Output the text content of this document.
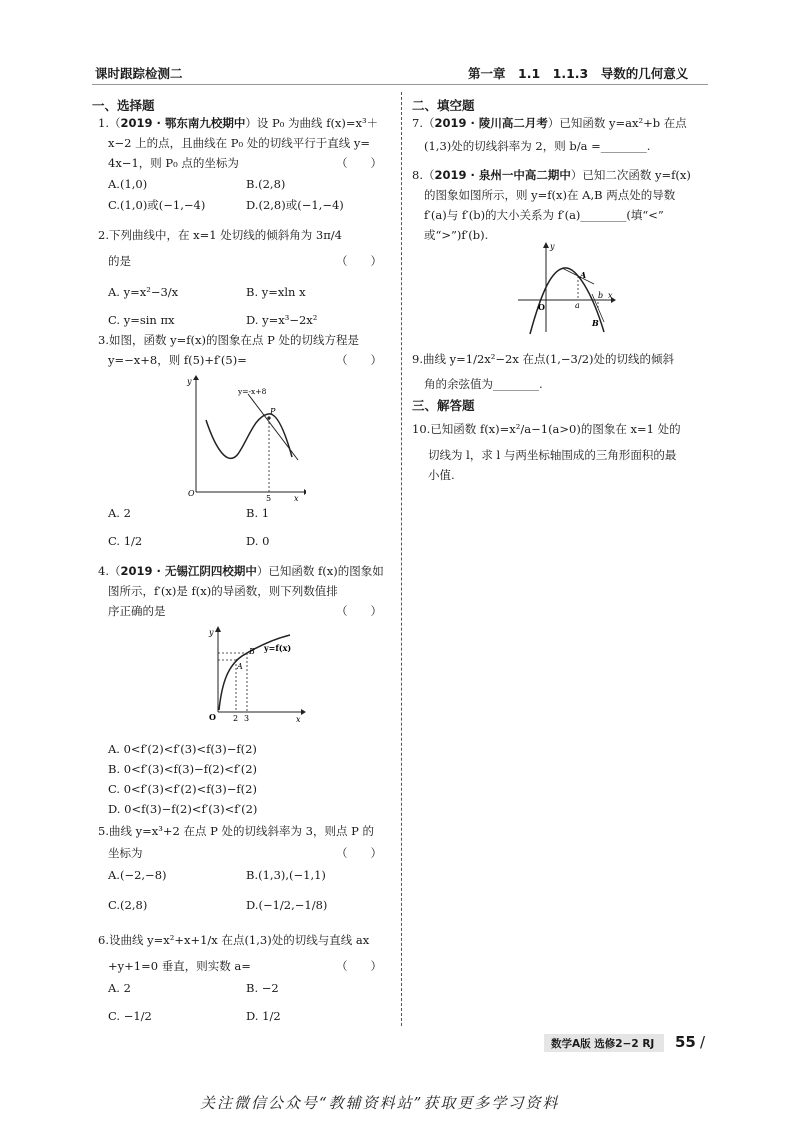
课时跟踪检测二	第一章　1.1　1.1.3　导数的几何意义
一、选择题
1.（2019 · 鄂东南九校期中）设 P₀ 为曲线 f(x)=x³＋
x−2 上的点，且曲线在 P₀ 处的切线平行于直线 y=
4x−1，则 P₀ 点的坐标为	（　　）
A.(1,0)	B.(2,8)
C.(1,0)或(−1,−4)	D.(2,8)或(−1,−4)
2.下列曲线中，在 x=1 处切线的倾斜角为 3π/4
的是	（　　）
A. y=x²−3/x	B. y=xln x
C. y=sin πx	D. y=x³−2x²
3.如图，函数 y=f(x)的图象在点 P 处的切线方程是
y=−x+8，则 f(5)+f′(5)=	（　　）
y=-x+8
P
O
5	x
y
A. 2	B. 1
C. 1/2	D. 0
4.（2019 · 无锡江阴四校期中）已知函数 f(x)的图象如
图所示，f′(x)是 f(x)的导函数，则下列数值排
序正确的是	（　　）
A
B y=f(x)
O 2 3	x
y
A. 0<f′(2)<f′(3)<f(3)−f(2)
B. 0<f′(3)<f(3)−f(2)<f′(2)
C. 0<f′(3)<f′(2)<f(3)−f(2)
D. 0<f(3)−f(2)<f′(3)<f′(2)
5.曲线 y=x³+2 在点 P 处的切线斜率为 3，则点 P 的
坐标为	（　　）
A.(−2,−8)	B.(1,3),(−1,1)
C.(2,8)	D.(−1/2,−1/8)
6.设曲线 y=x²+x+1/x 在点(1,3)处的切线与直线 ax
+y+1=0 垂直，则实数 a=	（　　）
A. 2	B. −2
C. −1/2	D. 1/2
二、填空题
7.（2019 · 陵川高二月考）已知函数 y=ax²+b 在点
(1,3)处的切线斜率为 2，则 b/a =________.
8.（2019 · 泉州一中高二期中）已知二次函数 y=f(x)
的图象如图所示，则 y=f(x)在 A,B 两点处的导数
f′(a)与 f′(b)的大小关系为 f′(a)________(填“<”
或“>”)f′(b).
y
x
O
A
a
b
B
9.曲线 y=1/2x²−2x 在点(1,−3/2)处的切线的倾斜
角的余弦值为________.
三、解答题
10.已知函数 f(x)=x²/a−1(a>0)的图象在 x=1 处的
切线为 l，求 l 与两坐标轴围成的三角形面积的最
小值.
数学A版 选修2−2 RJ 55 /
关注微信公众号“教辅资料站”获取更多学习资料
